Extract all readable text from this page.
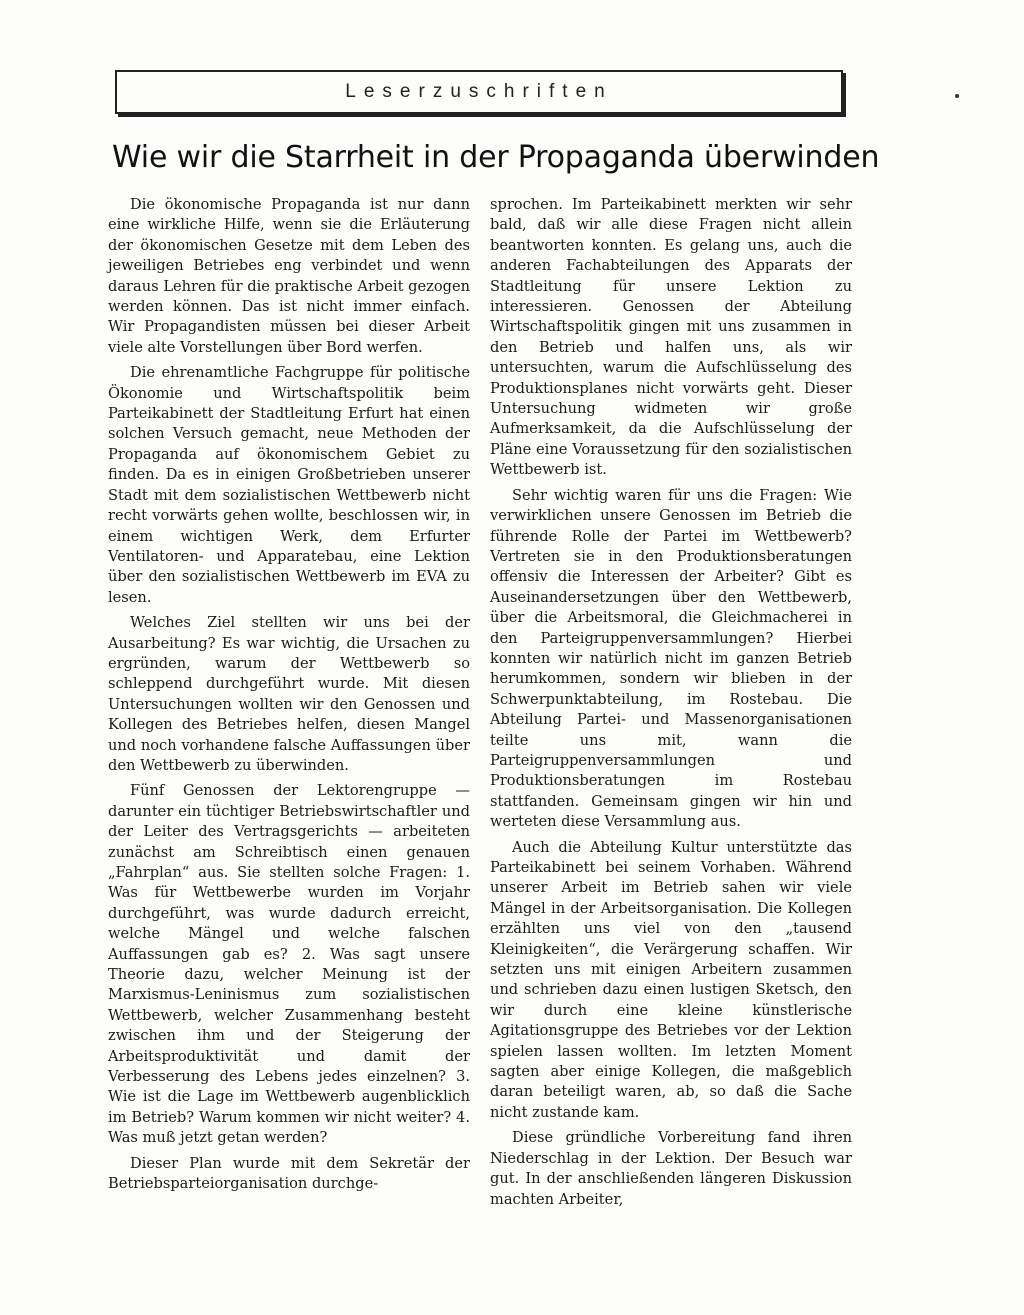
Leserzuschriften
Wie wir die Starrheit in der Propaganda überwinden

Die ökonomische Propaganda ist nur dann eine wirkliche Hilfe, wenn sie die Erläuterung der ökonomischen Gesetze mit dem Leben des jeweiligen Betriebes eng verbindet und wenn daraus Lehren für die praktische Arbeit gezogen werden können. Das ist nicht immer einfach. Wir Propagandisten müssen bei dieser Arbeit viele alte Vorstellungen über Bord werfen.

Die ehrenamtliche Fachgruppe für politische Ökonomie und Wirtschaftspolitik beim Parteikabinett der Stadtleitung Erfurt hat einen solchen Versuch gemacht, neue Methoden der Propaganda auf ökonomischem Gebiet zu finden. Da es in einigen Großbetrieben unserer Stadt mit dem sozialistischen Wettbewerb nicht recht vorwärts gehen wollte, beschlossen wir, in einem wichtigen Werk, dem Erfurter Ventilatoren- und Apparatebau, eine Lektion über den sozialistischen Wettbewerb im EVA zu lesen.

Welches Ziel stellten wir uns bei der Ausarbeitung? Es war wichtig, die Ursachen zu ergründen, warum der Wettbewerb so schleppend durchgeführt wurde. Mit diesen Untersuchungen wollten wir den Genossen und Kollegen des Betriebes helfen, diesen Mangel und noch vorhandene falsche Auffassungen über den Wettbewerb zu überwinden.

Fünf Genossen der Lektorengruppe — darunter ein tüchtiger Betriebswirtschaftler und der Leiter des Vertragsgerichts — arbeiteten zunächst am Schreibtisch einen genauen „Fahrplan“ aus. Sie stellten solche Fragen: 1. Was für Wettbewerbe wurden im Vorjahr durchgeführt, was wurde dadurch erreicht, welche Mängel und welche falschen Auffassungen gab es? 2. Was sagt unsere Theorie dazu, welcher Meinung ist der Marxismus-Leninismus zum sozialistischen Wettbewerb, welcher Zusammenhang besteht zwischen ihm und der Steigerung der Arbeitsproduktivität und damit der Verbesserung des Lebens jedes einzelnen? 3. Wie ist die Lage im Wettbewerb augenblicklich im Betrieb? Warum kommen wir nicht weiter? 4. Was muß jetzt getan werden?

Dieser Plan wurde mit dem Sekretär der Betriebsparteiorganisation durchge-

sprochen. Im Parteikabinett merkten wir sehr bald, daß wir alle diese Fragen nicht allein beantworten konnten. Es gelang uns, auch die anderen Fachabteilungen des Apparats der Stadtleitung für unsere Lektion zu interessieren. Genossen der Abteilung Wirtschaftspolitik gingen mit uns zusammen in den Betrieb und halfen uns, als wir untersuchten, warum die Aufschlüsselung des Produktionsplanes nicht vorwärts geht. Dieser Untersuchung widmeten wir große Aufmerksamkeit, da die Aufschlüsselung der Pläne eine Voraussetzung für den sozialistischen Wettbewerb ist.

Sehr wichtig waren für uns die Fragen: Wie verwirklichen unsere Genossen im Betrieb die führende Rolle der Partei im Wettbewerb? Vertreten sie in den Produktionsberatungen offensiv die Interessen der Arbeiter? Gibt es Auseinandersetzungen über den Wettbewerb, über die Arbeitsmoral, die Gleichmacherei in den Parteigruppenversammlungen? Hierbei konnten wir natürlich nicht im ganzen Betrieb herumkommen, sondern wir blieben in der Schwerpunktabteilung, im Rostebau. Die Abteilung Partei- und Massenorganisationen teilte uns mit, wann die Parteigruppenversammlungen und Produktionsberatungen im Rostebau stattfanden. Gemeinsam gingen wir hin und werteten diese Versammlung aus.

Auch die Abteilung Kultur unterstützte das Parteikabinett bei seinem Vorhaben. Während unserer Arbeit im Betrieb sahen wir viele Mängel in der Arbeitsorganisation. Die Kollegen erzählten uns viel von den „tausend Kleinigkeiten“, die Verärgerung schaffen. Wir setzten uns mit einigen Arbeitern zusammen und schrieben dazu einen lustigen Sketsch, den wir durch eine kleine künstlerische Agitationsgruppe des Betriebes vor der Lektion spielen lassen wollten. Im letzten Moment sagten aber einige Kollegen, die maßgeblich daran beteiligt waren, ab, so daß die Sache nicht zustande kam.

Diese gründliche Vorbereitung fand ihren Niederschlag in der Lektion. Der Besuch war gut. In der anschließenden längeren Diskussion machten Arbeiter,
